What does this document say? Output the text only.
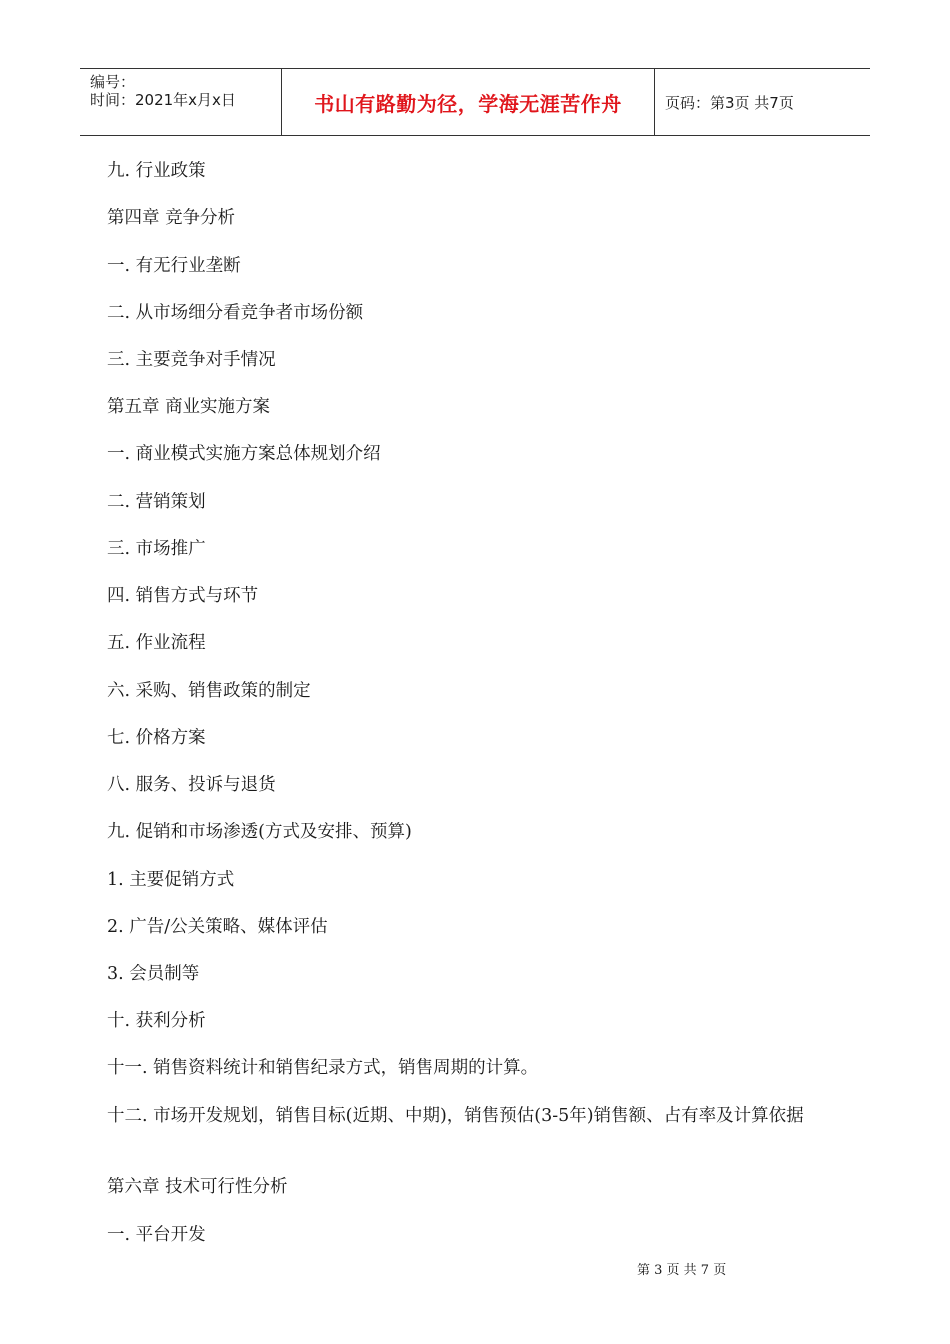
编号：
时间：2021年x月x日	书山有路勤为径，学海无涯苦作舟	页码：第3页 共7页
九. 行业政策
第四章 竞争分析
一. 有无行业垄断
二. 从市场细分看竞争者市场份额
三. 主要竞争对手情况
第五章 商业实施方案
一. 商业模式实施方案总体规划介绍
二. 营销策划
三. 市场推广
四. 销售方式与环节
五. 作业流程
六. 采购、销售政策的制定
七. 价格方案
八. 服务、投诉与退货
九. 促销和市场渗透(方式及安排、预算)
1. 主要促销方式
2. 广告/公关策略、媒体评估
3. 会员制等
十. 获利分析
十一. 销售资料统计和销售纪录方式，销售周期的计算。
十二. 市场开发规划，销售目标(近期、中期)，销售预估(3-5年)销售额、占有率及计算依据
第六章 技术可行性分析
一. 平台开发
第 3 页 共 7 页
